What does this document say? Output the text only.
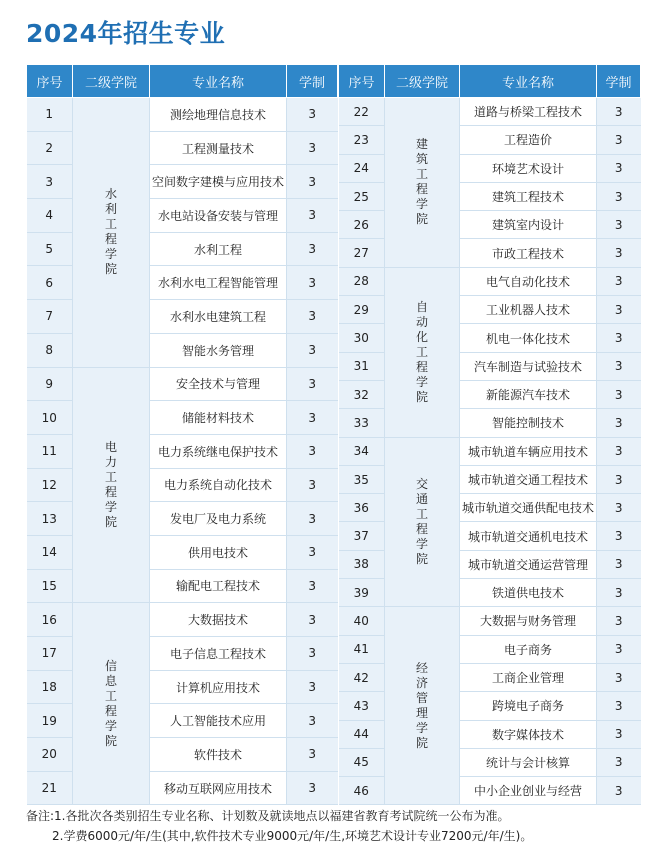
2024年招生专业
序号	二级学院	专业名称	学制
1	水利工程学院	测绘地理信息技术	3
2		工程测量技术	3
3		空间数字建模与应用技术	3
4		水电站设备安装与管理	3
5		水利工程	3
6		水利水电工程智能管理	3
7		水利水电建筑工程	3
8		智能水务管理	3
9	电力工程学院	安全技术与管理	3
10		储能材料技术	3
11		电力系统继电保护技术	3
12		电力系统自动化技术	3
13		发电厂及电力系统	3
14		供用电技术	3
15		输配电工程技术	3
16	信息工程学院	大数据技术	3
17		电子信息工程技术	3
18		计算机应用技术	3
19		人工智能技术应用	3
20		软件技术	3
21		移动互联网应用技术	3
序号	二级学院	专业名称	学制
22	建筑工程学院	道路与桥梁工程技术	3
23		工程造价	3
24		环境艺术设计	3
25		建筑工程技术	3
26		建筑室内设计	3
27		市政工程技术	3
28	自动化工程学院	电气自动化技术	3
29		工业机器人技术	3
30		机电一体化技术	3
31		汽车制造与试验技术	3
32		新能源汽车技术	3
33		智能控制技术	3
34	交通工程学院	城市轨道车辆应用技术	3
35		城市轨道交通工程技术	3
36		城市轨道交通供配电技术	3
37		城市轨道交通机电技术	3
38		城市轨道交通运营管理	3
39		铁道供电技术	3
40	经济管理学院	大数据与财务管理	3
41		电子商务	3
42		工商企业管理	3
43		跨境电子商务	3
44		数字媒体技术	3
45		统计与会计核算	3
46		中小企业创业与经营	3
备注:1.各批次各类别招生专业名称、计划数及就读地点以福建省教育考试院统一公布为准。
2.学费6000元/年/生(其中,软件技术专业9000元/年/生,环境艺术设计专业7200元/年/生)。
